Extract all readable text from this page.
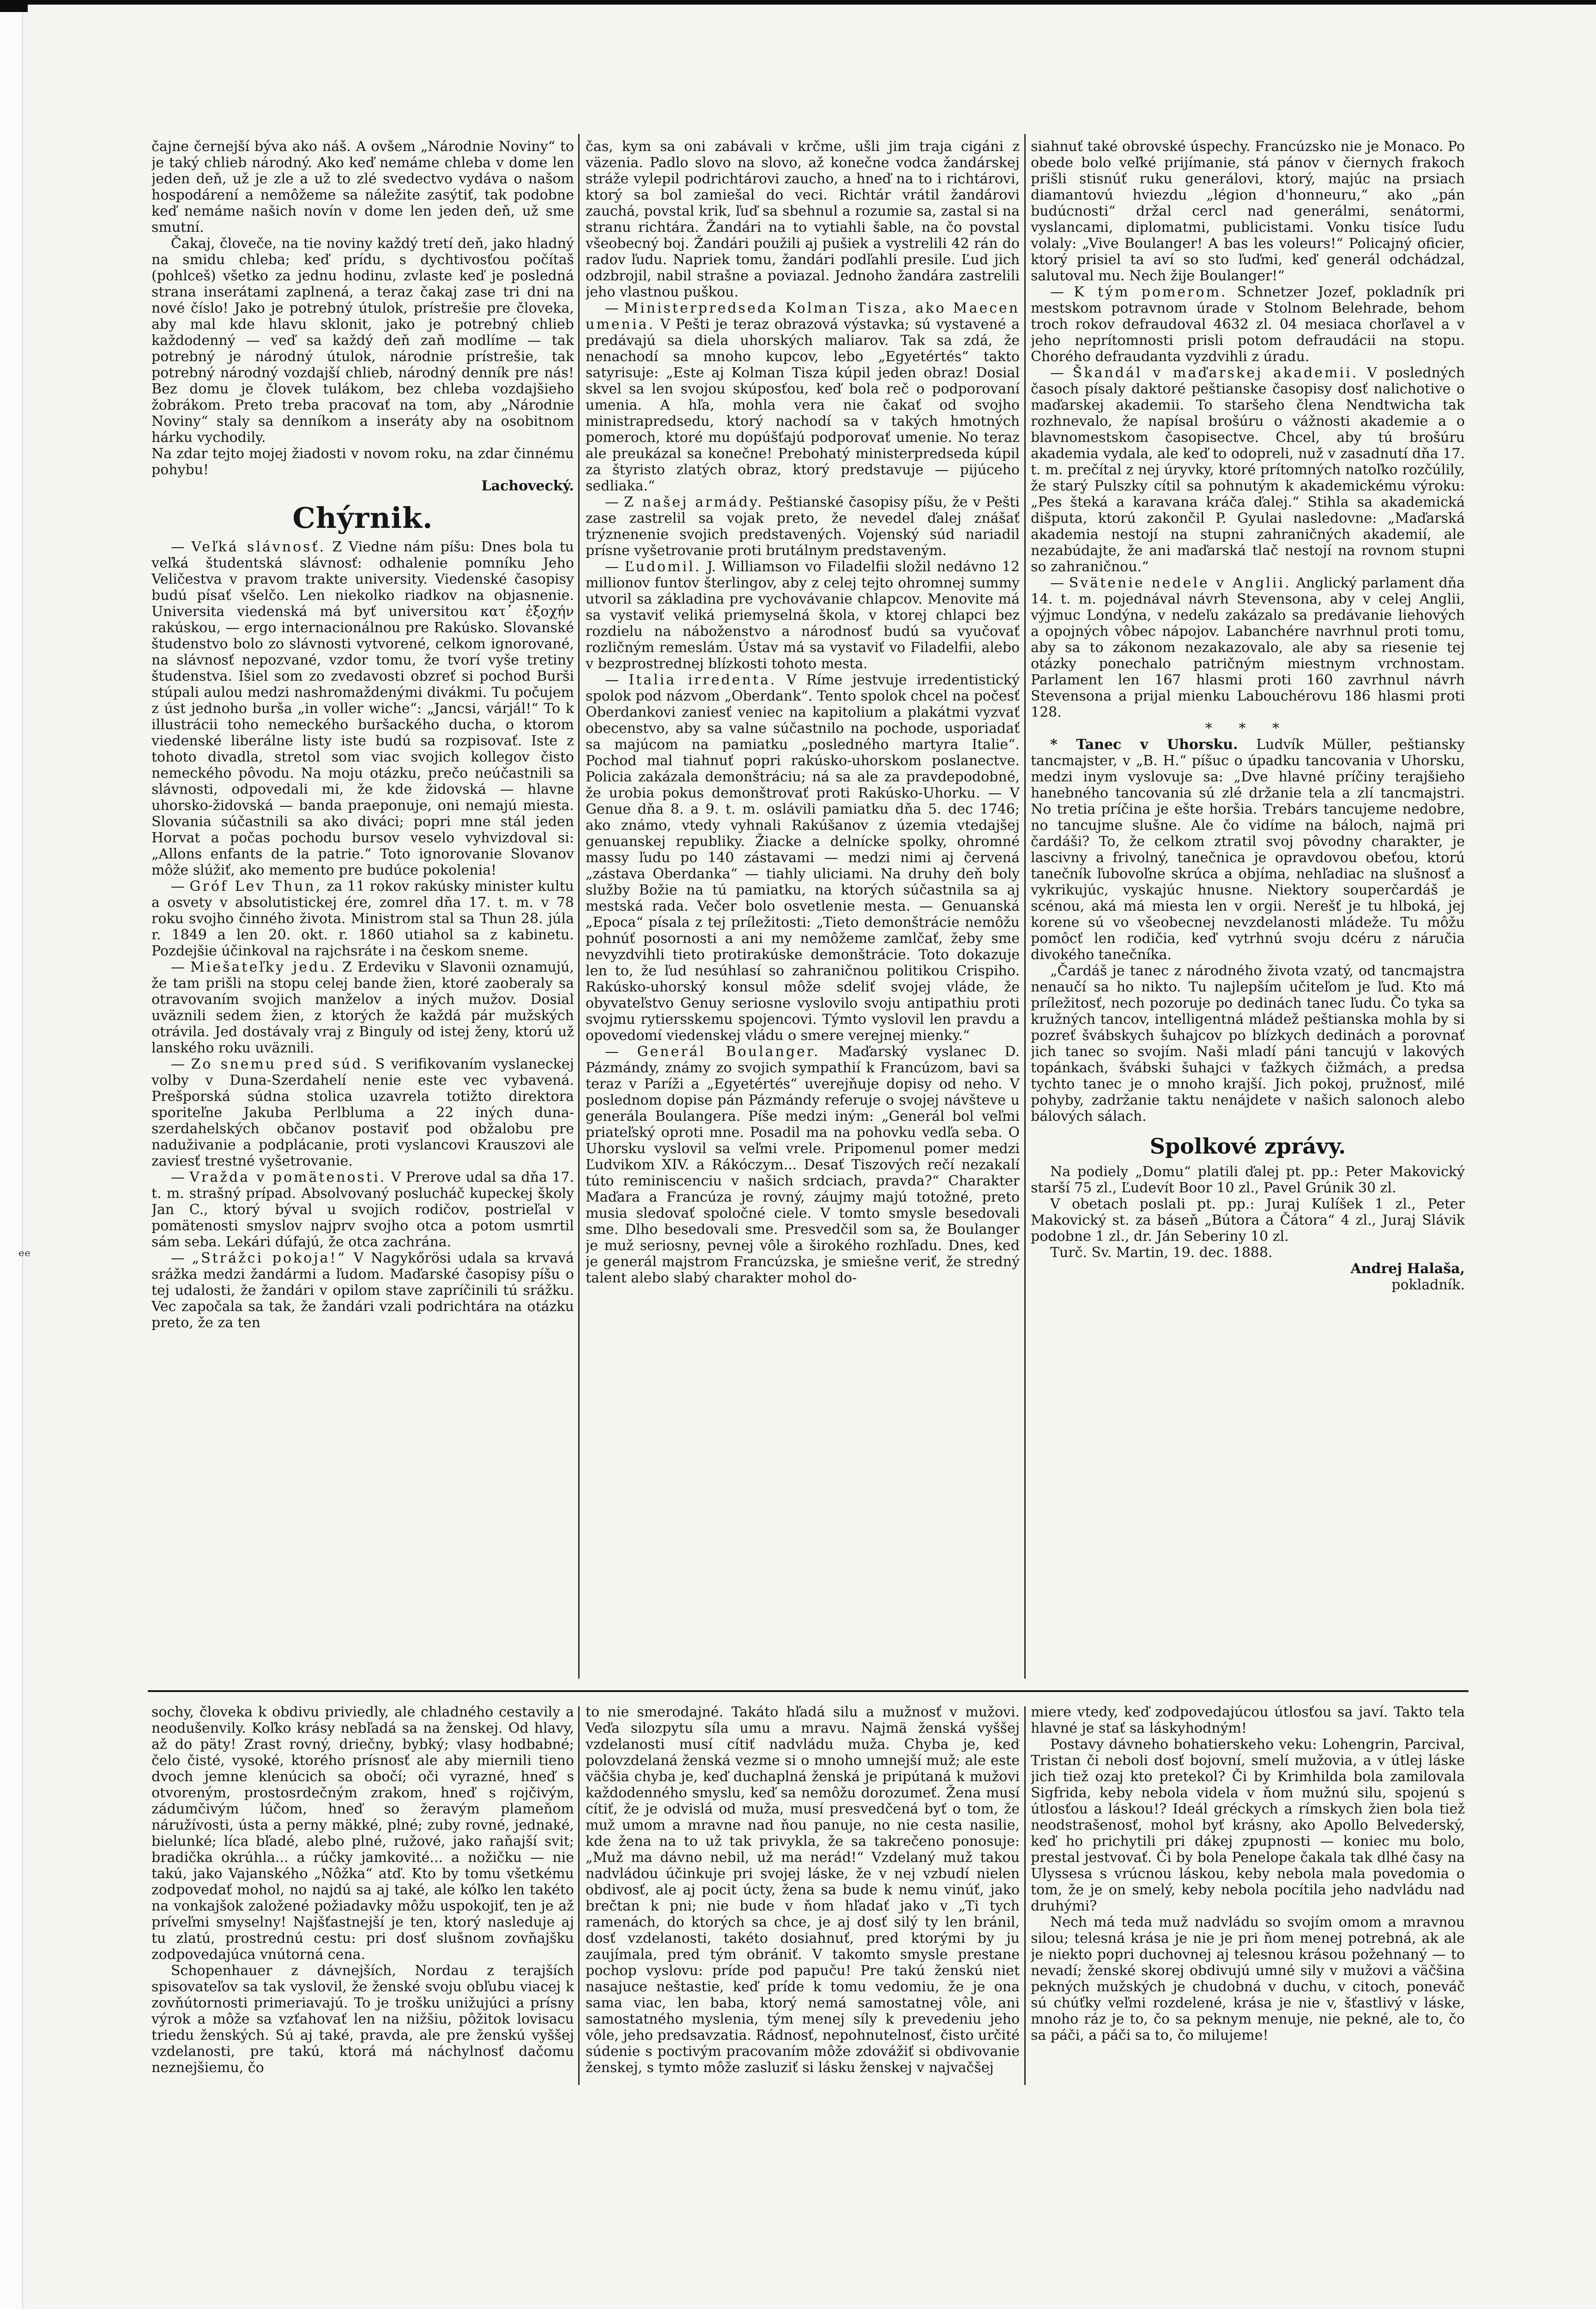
ᵉᵉ

čajne černejší býva ako náš. A ovšem „Národnie Noviny“ to je taký chlieb národný. Ako keď nemáme chleba v dome len jeden deň, už je zle a už to zlé svedectvo vydáva o našom hospodárení a nemôžeme sa náležite zasýtiť, tak podobne keď nemáme našich novín v dome len jeden deň, už sme smutní.

Čakaj, človeče, na tie noviny každý tretí deň, jako hladný na smidu chleba; keď prídu, s dychtivosťou počítaš (pohlceš) všetko za jednu hodinu, zvlaste keď je posledná strana inserátami zaplnená, a teraz čakaj zase tri dni na nové číslo! Jako je potrebný útulok, prístrešie pre človeka, aby mal kde hlavu sklonit, jako je potrebný chlieb každodenný — veď sa každý deň zaň modlíme — tak potrebný je národný útulok, národnie prístrešie, tak potrebný národný vozdajší chlieb, národný denník pre nás! Bez domu je človek tulákom, bez chleba vozdajšieho žobrákom. Preto treba pracovať na tom, aby „Národnie Noviny“ staly sa denníkom a inseráty aby na osobitnom hárku vychodily.

Na zdar tejto mojej žiadosti v novom roku, na zdar činnému pohybu!

Lachovecký.

Chýrnik.

— Veľká slávnosť. Z Viedne nám píšu: Dnes bola tu veľká študentská slávnosť: odhalenie pomníku Jeho Veličestva v pravom trakte university. Viedenské časopisy budú písať všelčo. Len niekolko riadkov na objasnenie. Universita viedenská má byť universitou κατ᾽ ἐξοχήν rakúskou, — ergo internacionálnou pre Rakúsko. Slovanské študenstvo bolo zo slávnosti vytvorené, celkom ignorované, na slávnosť nepozvané, vzdor tomu, že tvorí vyše tretiny študenstva. Išiel som zo zvedavosti obzreť si pochod Burši stúpali aulou medzi nashromaždenými divákmi. Tu počujem z úst jednoho burša „in voller wiche“: „Jancsi, várjál!“ To k illustrácii toho nemeckého buršackého ducha, o ktorom viedenské liberálne listy iste budú sa rozpisovať. Iste z tohoto divadla, stretol som viac svojich kollegov čisto nemeckého pôvodu. Na moju otázku, prečo neúčastnili sa slávnosti, odpovedali mi, že kde židovská — hlavne uhorsko-židovská — banda praeponuje, oni nemajú miesta. Slovania súčastnili sa ako diváci; popri mne stál jeden Horvat a počas pochodu bursov veselo vyhvizdoval si: „Allons enfants de la patrie.“ Toto ignorovanie Slovanov môže slúžiť, ako memento pre budúce pokolenia!

— Gróf Lev Thun, za 11 rokov rakúsky minister kultu a osvety v absolutistickej ére, zomrel dňa 17. t. m. v 78 roku svojho činného života. Ministrom stal sa Thun 28. júla r. 1849 a len 20. okt. r. 1860 utiahol sa z kabinetu. Pozdejšie účinkoval na rajchsráte i na českom sneme.

— Miešateľky jedu. Z Erdeviku v Slavonii oznamujú, že tam prišli na stopu celej bande žien, ktoré zaoberaly sa otravovaním svojich manželov a iných mužov. Dosiaľ uväznili sedem žien, z ktorých že každá pár mužských otrávila. Jed dostávaly vraj z Binguly od istej ženy, ktorú už lanského roku uväznili.

— Zo snemu pred súd. S verifikovaním vyslaneckej volby v Duna-Szerdahelí nenie este vec vybavená. Prešporská súdna stolica uzavrela totižto direktora sporiteľne Jakuba Perlbluma a 22 iných duna-szerdahelských občanov postaviť pod obžalobu pre naduživanie a podplácanie, proti vyslancovi Krauszovi ale zaviesť trestné vyšetrovanie.

— Vražda v pomätenosti. V Prerove udal sa dňa 17. t. m. strašný prípad. Absolvovaný poslucháč kupeckej školy Jan C., ktorý býval u svojich rodičov, postrieľal v pomätenosti smyslov najprv svojho otca a potom usmrtil sám seba. Lekári dúfajú, že otca zachrána.

— „Strážci pokoja!“ V Nagykőrösi udala sa krvavá srážka medzi žandármi a ľudom. Maďarské časopisy píšu o tej udalosti, že žandári v opilom stave zapríčinili tú srážku. Vec započala sa tak, že žandári vzali podrichtára na otázku preto, že za ten

čas, kym sa oni zabávali v krčme, ušli jim traja cigáni z väzenia. Padlo slovo na slovo, až konečne vodca žandárskej stráže vylepil podrichtárovi zaucho, a hneď na to i richtárovi, ktorý sa bol zamiešal do veci. Richtár vrátil žandárovi zauchá, povstal krik, ľuď sa sbehnul a rozumie sa, zastal si na stranu richtára. Žandári na to vytiahli šable, na čo povstal všeobecný boj. Žandári použili aj pušiek a vystrelili 42 rán do radov ľudu. Napriek tomu, žandári podľahli presile. Ľud jich odzbrojil, nabil strašne a poviazal. Jednoho žandára zastrelili jeho vlastnou puškou.

— Ministerpredseda Kolman Tisza, ako Maecen umenia. V Pešti je teraz obrazová výstavka; sú vystavené a predávajú sa diela uhorských maliarov. Tak sa zdá, že nenachodí sa mnoho kupcov, lebo „Egyetértés“ takto satyrisuje: „Este aj Kolman Tisza kúpil jeden obraz! Dosiaľ skvel sa len svojou skúposťou, keď bola reč o podporovaní umenia. A hľa, mohla vera nie čakať od svojho ministrapredsedu, ktorý nachodí sa v takých hmotných pomeroch, ktoré mu dopúšťajú podporovať umenie. No teraz ale preukázal sa konečne! Prebohatý ministerpredseda kúpil za štyristo zlatých obraz, ktorý predstavuje — pijúceho sedliaka.“

— Z našej armády. Peštianské časopisy píšu, že v Pešti zase zastrelil sa vojak preto, že nevedel ďalej znášať trýznenenie svojich predstavených. Vojenský súd nariadil prísne vyšetrovanie proti brutálnym predstaveným.

— Ľudomil. J. Williamson vo Filadelfii složil nedávno 12 millionov funtov šterlingov, aby z celej tejto ohromnej summy utvoril sa základina pre vychovávanie chlapcov. Menovite má sa vystaviť veliká priemyselná škola, v ktorej chlapci bez rozdielu na náboženstvo a národnosť budú sa vyučovať rozličným remeslám. Ústav má sa vystaviť vo Filadelfii, alebo v bezprostrednej blízkosti tohoto mesta.

— Italia irredenta. V Ríme jestvuje irredentistický spolok pod názvom „Oberdank“. Tento spolok chcel na počesť Oberdankovi zaniesť veniec na kapitolium a plakátmi vyzvať obecenstvo, aby sa valne súčastnilo na pochode, usporiadať sa majúcom na pamiatku „posledného martyra Italie“. Pochod mal tiahnuť popri rakúsko-uhorskom poslanectve. Policia zakázala demonštráciu; ná sa ale za pravdepodobné, že urobia pokus demonštrovať proti Rakúsko-Uhorku. — V Genue dňa 8. a 9. t. m. oslávili pamiatku dňa 5. dec 1746; ako známo, vtedy vyhnali Rakúšanov z územia vtedajšej genuanskej republiky. Žiacke a delnícke spolky, ohromné massy ľudu po 140 zástavami — medzi nimi aj červená „zástava Oberdanka“ — tiahly uliciami. Na druhy deň boly služby Božie na tú pamiatku, na ktorých súčastnila sa aj mestská rada. Večer bolo osvetlenie mesta. — Genuanská „Epoca“ písala z tej príležitosti: „Tieto demonštrácie nemôžu pohnúť posornosti a ani my nemôžeme zamlčať, žeby sme nevyzdvihli tieto protirakúske demonštrácie. Toto dokazuje len to, že ľud nesúhlasí so zahraničnou politikou Crispiho. Rakúsko-uhorský konsul môže sdeliť svojej vláde, že obyvateľstvo Genuy seriosne vyslovilo svoju antipathiu proti svojmu rytiersskemu spojencovi. Týmto vyslovil len pravdu a opovedomí viedenskej vládu o smere verejnej mienky.“

— Generál Boulanger. Maďarský vyslanec D. Pázmándy, známy zo svojich sympathií k Francúzom, bavi sa teraz v Paríži a „Egyetértés“ uverejňuje dopisy od neho. V poslednom dopise pán Pázmándy referuje o svojej návšteve u generála Boulangera. Píše medzi iným: „Generál bol veľmi priateľský oproti mne. Posadil ma na pohovku vedľa seba. O Uhorsku vyslovil sa veľmi vrele. Pripomenul pomer medzi Ľudvikom XIV. a Rákóczym... Desať Tiszových rečí nezakalí túto reminiscenciu v našich srdciach, pravda?“ Charakter Maďara a Francúza je rovný, záujmy majú totožné, preto musia sledovať spoločné ciele. V tomto smysle besedovali sme. Dlho besedovali sme. Presvedčil som sa, že Boulanger je muž seriosny, pevnej vôle a širokého rozhľadu. Dnes, keď je generál majstrom Francúzska, je smiešne veriť, že stredný talent alebo slabý charakter mohol do-

siahnuť také obrovské úspechy. Francúzsko nie je Monaco. Po obede bolo veľké prijímanie, stá pánov v čiernych frakoch prišli stisnúť ruku generálovi, ktorý, majúc na prsiach diamantovú hviezdu „légion d'honneuru,“ ako „pán budúcnosti“ držal cercl nad generálmi, senátormi, vyslancami, diplomatmi, publicistami. Vonku tisíce ľudu volaly: „Vive Boulanger! A bas les voleurs!“ Policajný oficier, ktorý prisiel ta aví so sto ľuďmi, keď generál odchádzal, salutoval mu. Nech žije Boulanger!“

— K tým pomerom. Schnetzer Jozef, pokladník pri mestskom potravnom úrade v Stolnom Belehrade, behom troch rokov defraudoval 4632 zl. 04 mesiaca chorľavel a v jeho neprítomnosti prisli potom defraudácii na stopu. Chorého defraudanta vyzdvihli z úradu.

— Škandál v maďarskej akademii. V posledných časoch písaly daktoré peštianske časopisy dosť nalichotive o maďarskej akademii. To staršeho člena Nendtwicha tak rozhnevalo, že napísal brošúru o vážnosti akademie a o blavnomestskom časopisectve. Chcel, aby tú brošúru akademia vydala, ale keď to odopreli, nuž v zasadnutí dňa 17. t. m. prečítal z nej úryvky, ktoré prítomných natoľko rozčúlily, že starý Pulszky cítil sa pohnutým k akademickému výroku: „Pes šteká a karavana kráča ďalej.“ Stihla sa akademická dišputa, ktorú zakončil P. Gyulai nasledovne: „Maďarská akademia nestojí na stupni zahraničných akademií, ale nezabúdajte, že ani maďarská tlač nestojí na rovnom stupni so zahraničnou.“

— Svätenie nedele v Anglii. Anglický parlament dňa 14. t. m. pojednával návrh Stevensona, aby v celej Anglii, výjmuc Londýna, v nedeľu zakázalo sa predávanie liehových a opojných vôbec nápojov. Labanchére navrhnul proti tomu, aby sa to zákonom nezakazovalo, ale aby sa riesenie tej otázky ponechalo patričným miestnym vrchnostam. Parlament len 167 hlasmi proti 160 zavrhnul návrh Stevensona a prijal mienku Labouchérovu 186 hlasmi proti 128.

* * *

* Tanec v Uhorsku. Ludvík Müller, peštiansky tancmajster, v „B. H.“ píšuc o úpadku tancovania v Uhorsku, medzi inym vyslovuje sa: „Dve hlavné príčiny terajšieho hanebného tancovania sú zlé držanie tela a zlí tancmajstri. No tretia príčina je ešte horšia. Trebárs tancujeme nedobre, no tancujme slušne. Ale čo vidíme na báloch, najmä pri čardáši? To, že celkom ztratil svoj pôvodny charakter, je lascivny a frivolný, tanečnica je opravdovou obeťou, ktorú tanečník ľubovoľne skrúca a objíma, nehľadiac na slušnosť a vykrikujúc, vyskajúc hnusne. Niektory souperčardáš je scénou, aká má miesta len v orgii. Nerešť je tu hlboká, jej korene sú vo všeobecnej nevzdelanosti mládeže. Tu môžu pomôcť len rodičia, keď vytrhnú svoju dcéru z náručia divokého tanečníka.

„Čardáš je tanec z národného života vzatý, od tancmajstra nenaučí sa ho nikto. Tu najlepším učiteľom je ľud. Kto má príležitosť, nech pozoruje po dedinách tanec ľudu. Čo tyka sa kružných tancov, intelligentná mládež peštianska mohla by si pozreť švábskych šuhajcov po blízkych dedinách a porovnať jich tanec so svojím. Naši mladí páni tancujú v lakových topánkach, švábski šuhajci v ťažkych čižmách, a predsa tychto tanec je o mnoho krajší. Jich pokoj, pružnosť, milé pohyby, zadržanie taktu nenájdete v našich salonoch alebo bálových sálach.

Spolkové zprávy.

Na podiely „Domu“ platili ďalej pt. pp.: Peter Makovický starší 75 zl., Ľudevít Boor 10 zl., Pavel Grúnik 30 zl.

V obetach poslali pt. pp.: Juraj Kulíšek 1 zl., Peter Makovický st. za báseň „Bútora a Čátora“ 4 zl., Juraj Slávik podobne 1 zl., dr. Ján Seberiny 10 zl.

Turč. Sv. Martin, 19. dec. 1888.

Andrej Halaša,

pokladník.

sochy, človeka k obdivu priviedly, ale chladného cestavily a neodušenvily. Koľko krásy nebľadá sa na ženskej. Od hlavy, až do päty! Zrast rovný, driečny, bybký; vlasy hodbabné; čelo čisté, vysoké, ktorého prísnosť ale aby miernili tieno dvoch jemne klenúcich sa obočí; oči vyrazné, hneď s otvoreným, prostosrdečným zrakom, hneď s rojčivým, zádumčivým lúčom, hneď so žeravým plameňom náružívosti, ústa a perny mäkké, plné; zuby rovné, jednaké, bielunké; líca bľadé, alebo plné, ružové, jako raňajší svit; bradička okrúhla... a rúčky jamkovité... a nožičku — nie takú, jako Vajanského „Nôžka“ atď. Kto by tomu všetkému zodpovedať mohol, no najdú sa aj také, ale kóľko len takéto na vonkajšok založené požiadavky môžu uspokojiť, ten je až príveľmi smyselny! Najšťastnejší je ten, ktorý nasleduje aj tu zlatú, prostrednú cestu: pri dosť slušnom zovňajšku zodpovedajúca vnútorná cena.

Schopenhauer z dávnejších, Nordau z terajších spisovateľov sa tak vyslovil, že ženské svoju obľubu viacej k zovňútornosti primeriavajú. To je trošku unižujúci a prísny výrok a môže sa vzťahovať len na nižšiu, pôžitok lovisacu triedu ženských. Sú aj také, pravda, ale pre ženskú vyššej vzdelanosti, pre takú, ktorá má náchylnosť dačomu neznejšiemu, čo

to nie smerodajné. Takáto hľadá silu a mužnosť v mužovi. Veďa silozpytu síla umu a mravu. Najmä ženská vyššej vzdelanosti musí cítiť nadvládu muža. Chyba je, keď polovzdelaná ženská vezme si o mnoho umnejší muž; ale este väčšia chyba je, keď duchaplná ženská je pripútaná k mužovi každodenného smyslu, keď sa nemôžu dorozumeť. Žena musí cítiť, že je odvislá od muža, musí presvedčená byť o tom, že muž umom a mravne nad ňou panuje, no nie cesta nasilie, kde žena na to už tak privykla, že sa takrečeno ponosuje: „Muž ma dávno nebil, už ma nerád!“ Vzdelaný muž takou nadvládou účinkuje pri svojej láske, že v nej vzbudí nielen obdivosť, ale aj pocit úcty, žena sa bude k nemu vinúť, jako brečtan k pni; nie bude v ňom hľadať jako v „Ti tych ramenách, do ktorých sa chce, je aj dosť silý ty len bránil, dosť vzdelanosti, takéto dosiahnuť, pred ktorými by ju zaujímala, pred tým obrániť. V takomto smysle prestane pochop vyslovu: príde pod papuču! Pre takú ženskú niet nasajuce neštastie, keď príde k tomu vedomiu, že je ona sama viac, len baba, ktorý nemá samostatnej vôle, ani samostatného myslenia, tým menej síly k prevedeniu jeho vôle, jeho predsavzatia. Rádnosť, nepohnutelnosť, čisto určité súdenie s poctivým pracovaním môže zdovážiť si obdivovanie ženskej, s tymto môže zasluziť si lásku ženskej v najvačšej

miere vtedy, keď zodpovedajúcou útlosťou sa javí. Takto tela hlavné je stať sa láskyhodným!

Postavy dávneho bohatierskeho veku: Lohengrin, Parcival, Tristan či neboli dosť bojovní, smelí mužovia, a v útlej láske jich tiež ozaj kto pretekol? Či by Krimhilda bola zamilovala Sigfrida, keby nebola videla v ňom mužnú silu, spojenú s útlosťou a láskou!? Ideál gréckych a rímskych žien bola tiež neodstrašenosť, mohol byť krásny, ako Apollo Belvederský, keď ho prichytili pri dákej zpupnosti — koniec mu bolo, prestal jestvovať. Či by bola Penelope čakala tak dlhé časy na Ulyssesa s vrúcnou láskou, keby nebola mala povedomia o tom, že je on smelý, keby nebola pocítila jeho nadvládu nad druhými?

Nech má teda muž nadvládu so svojím omom a mravnou silou; telesná krása je nie je pri ňom menej potrebná, ak ale je niekto popri duchovnej aj telesnou krásou požehnaný — to nevadí; ženské skorej obdivujú umné sily v mužovi a väčšina pekných mužských je chudobná v duchu, v citoch, poneváč sú chúťky veľmi rozdelené, krása je nie v, šťastlivý v láske, mnoho ráz je to, čo sa peknym menuje, nie pekné, ale to, čo sa páči, a páči sa to, čo milujeme!
